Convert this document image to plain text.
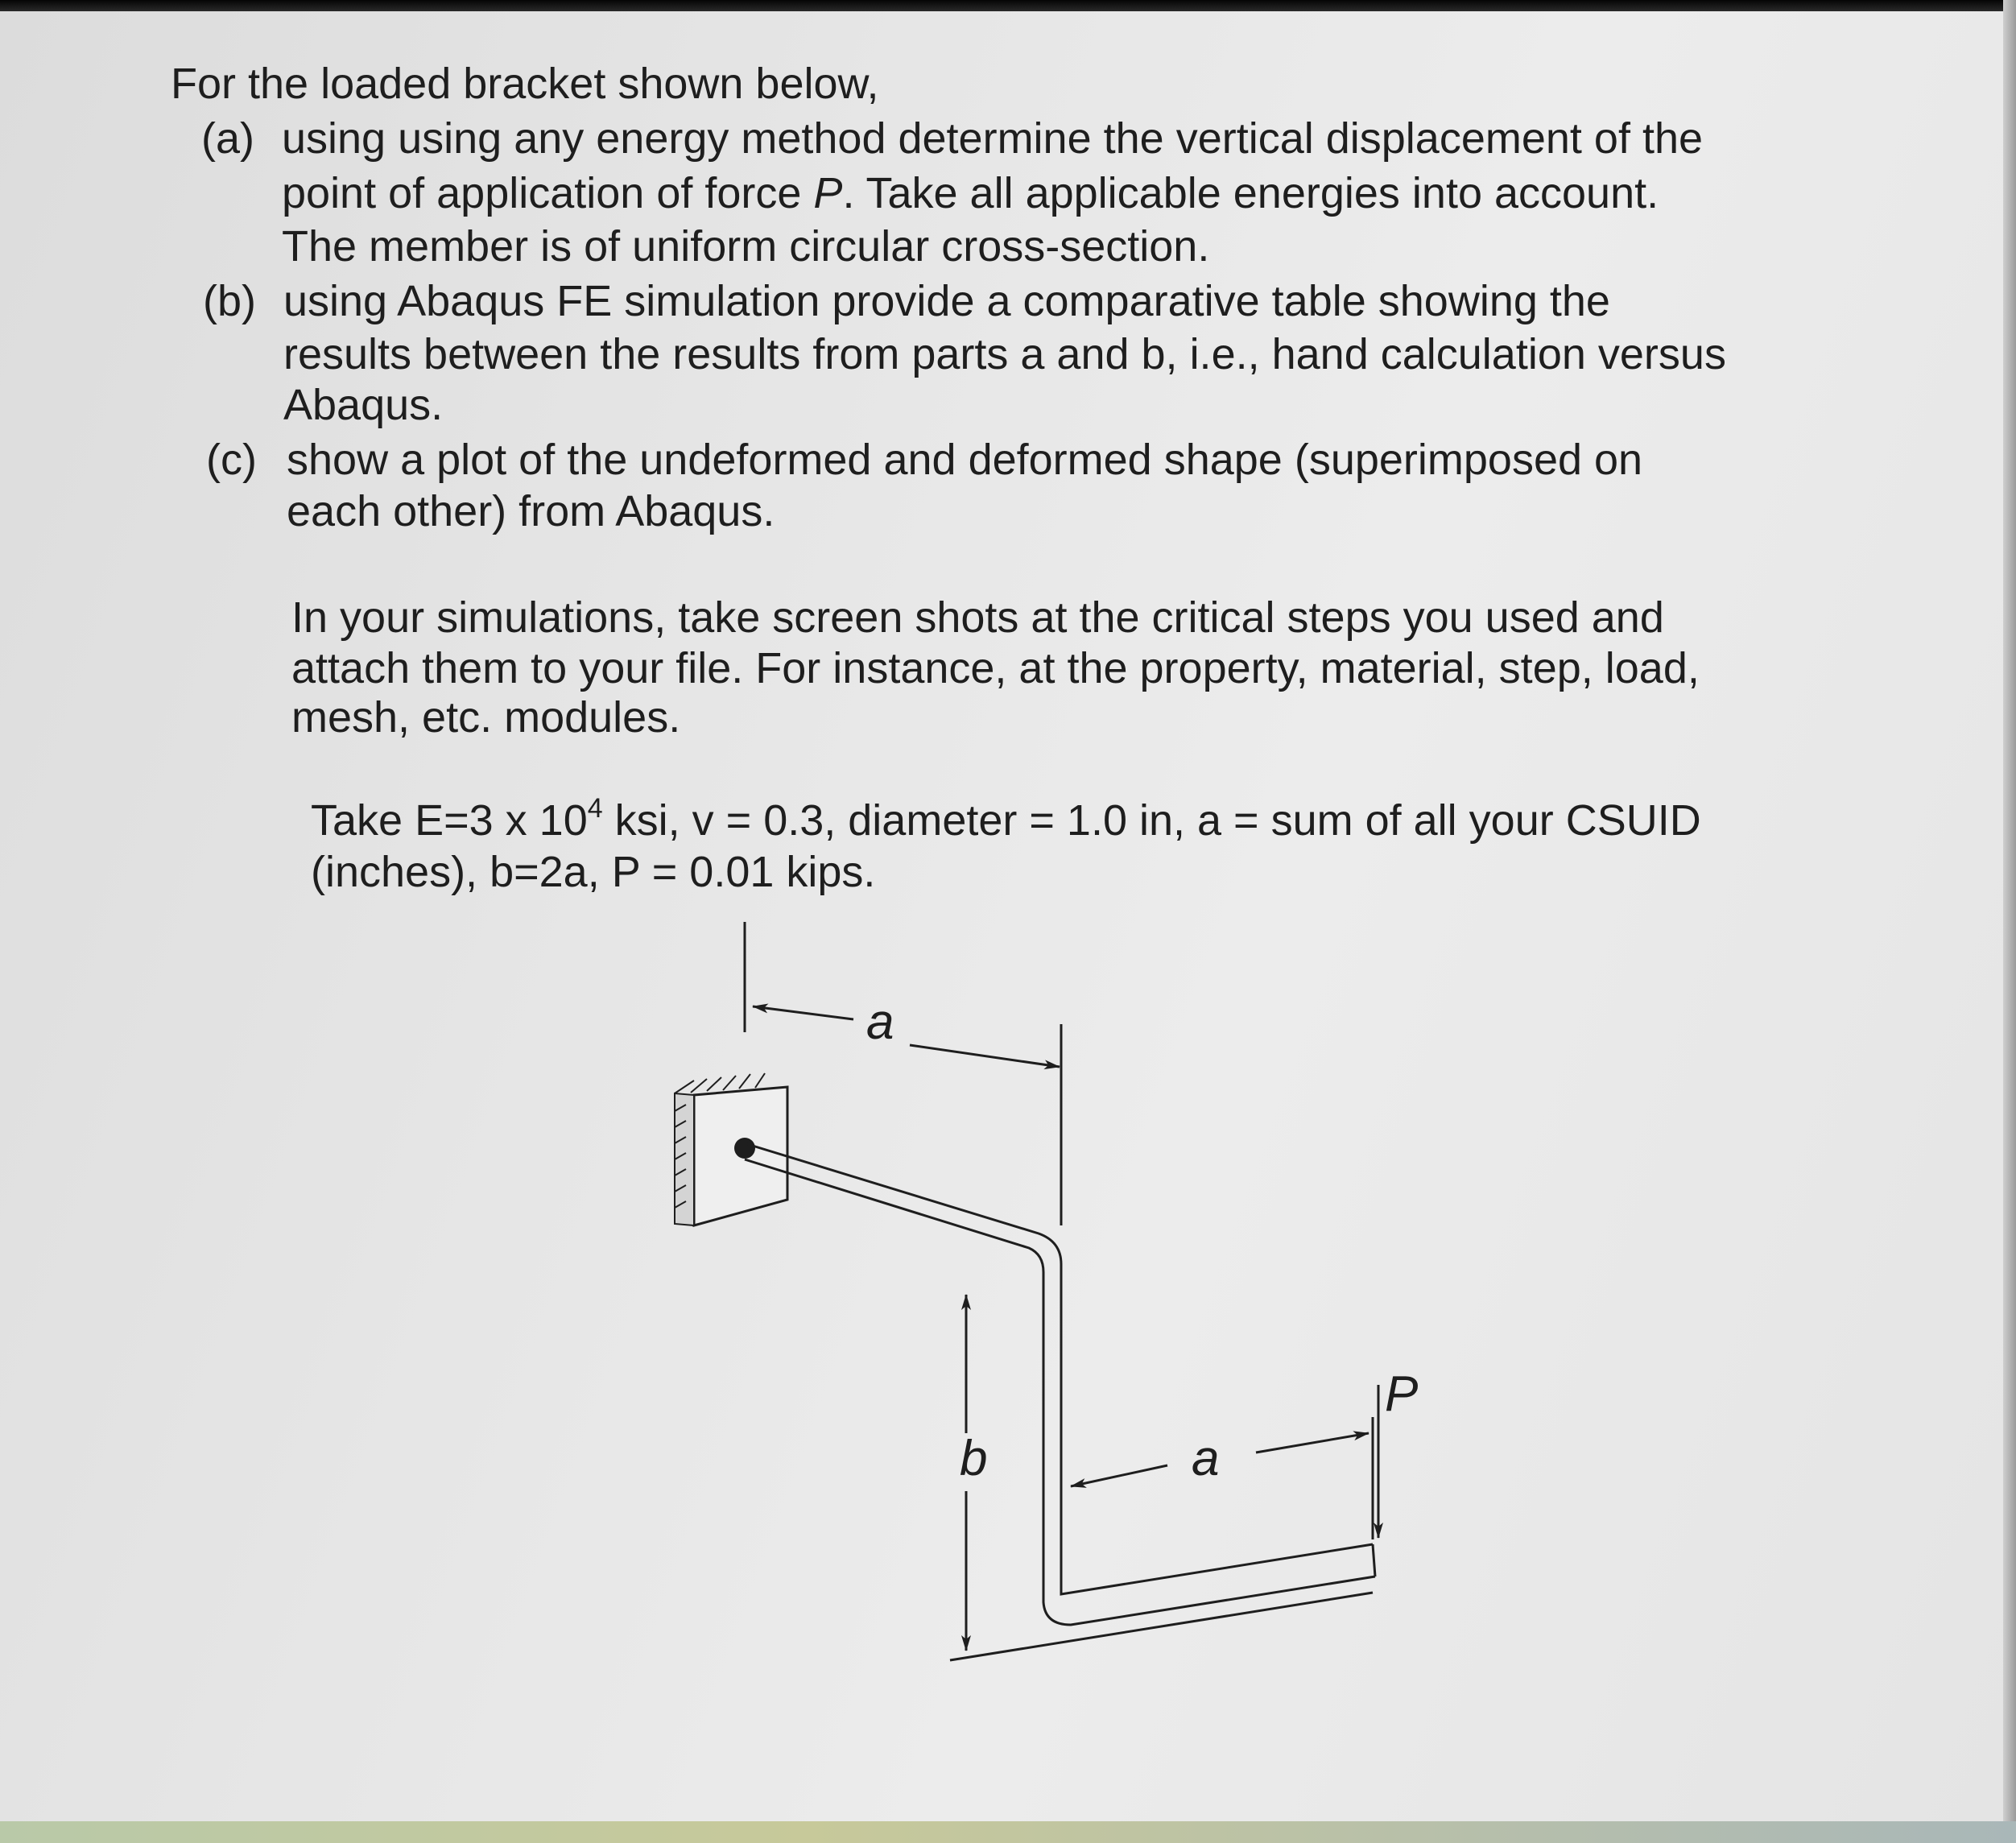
For the loaded bracket shown below,
(a) using using any energy method determine the vertical displacement of the
point of application of force P. Take all applicable energies into account.
The member is of uniform circular cross-section.
(b) using Abaqus FE simulation provide a comparative table showing the
results between the results from parts a and b, i.e., hand calculation versus
Abaqus.
(c) show a plot of the undeformed and deformed shape (superimposed on
each other) from Abaqus.
In your simulations, take screen shots at the critical steps you used and
attach them to your file. For instance, at the property, material, step, load,
mesh, etc. modules.
Take E=3 x $10^4$ ksi, v = 0.3, diameter = 1.0 in, a = sum of all your CSUID
(inches), b=2a, P = 0.01 kips.
a
b	a
P
